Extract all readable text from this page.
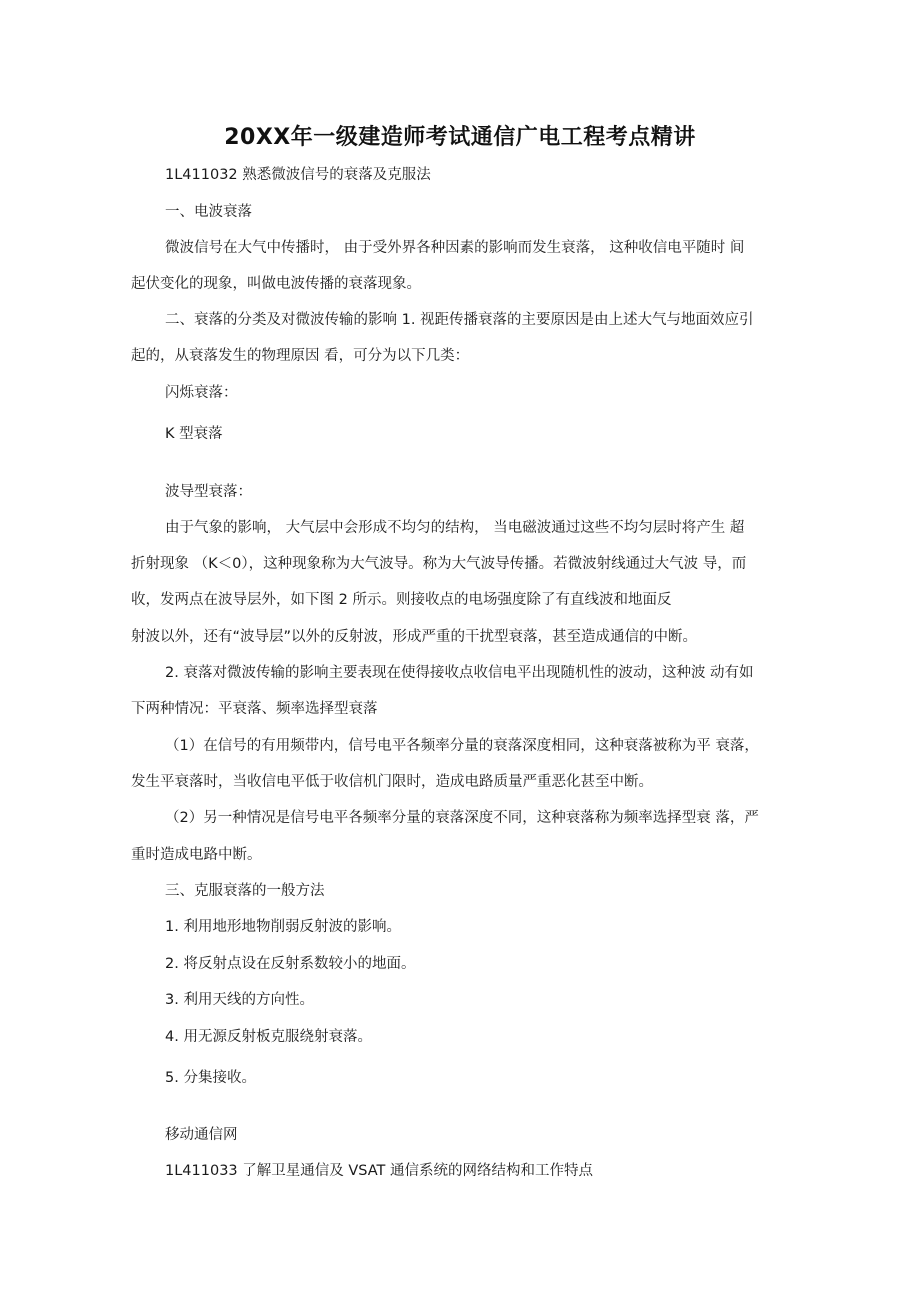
20XX年一级建造师考试通信广电工程考点精讲
1L411032 熟悉微波信号的衰落及克服法
一、电波衰落
微波信号在大气中传播时， 由于受外界各种因素的影响而发生衰落， 这种收信电平随时 间
起伏变化的现象，叫做电波传播的衰落现象。
二、衰落的分类及对微波传输的影响 1. 视距传播衰落的主要原因是由上述大气与地面效应引
起的，从衰落发生的物理原因 看，可分为以下几类：
闪烁衰落：
K 型衰落
波导型衰落：
由于气象的影响， 大气层中会形成不均匀的结构， 当电磁波通过这些不均匀层时将产生 超
折射现象 （K＜0），这种现象称为大气波导。称为大气波导传播。若微波射线通过大气波 导，而
收，发两点在波导层外，如下图 2 所示。则接收点的电场强度除了有直线波和地面反
射波以外，还有“波导层”以外的反射波，形成严重的干扰型衰落，甚至造成通信的中断。
2. 衰落对微波传输的影响主要表现在使得接收点收信电平出现随机性的波动，这种波 动有如
下两种情况：平衰落、频率选择型衰落
（1）在信号的有用频带内，信号电平各频率分量的衰落深度相同，这种衰落被称为平 衰落，
发生平衰落时，当收信电平低于收信机门限时，造成电路质量严重恶化甚至中断。
（2）另一种情况是信号电平各频率分量的衰落深度不同，这种衰落称为频率选择型衰 落，严
重时造成电路中断。
三、克服衰落的一般方法
1. 利用地形地物削弱反射波的影响。
2. 将反射点设在反射系数较小的地面。
3. 利用天线的方向性。
4. 用无源反射板克服绕射衰落。
5. 分集接收。
移动通信网
1L411033 了解卫星通信及 VSAT 通信系统的网络结构和工作特点
